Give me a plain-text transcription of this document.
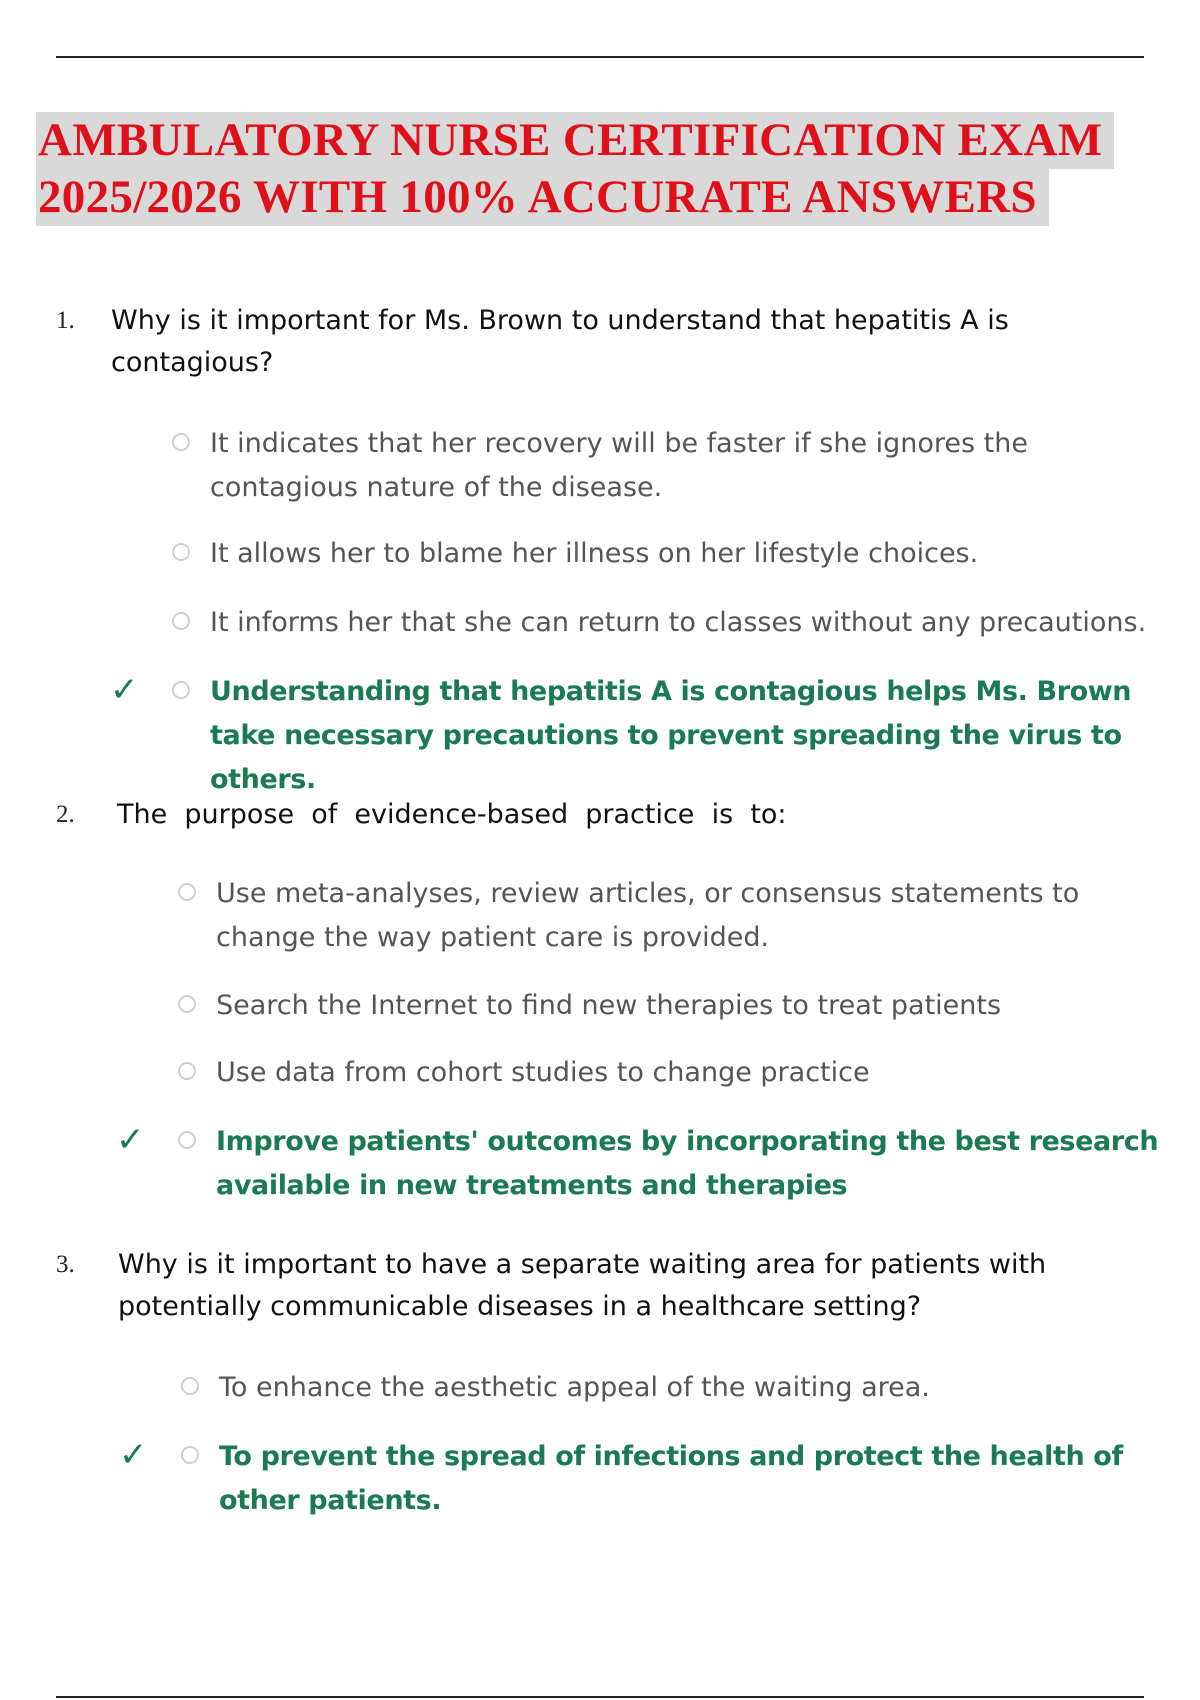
AMBULATORY NURSE CERTIFICATION EXAM
2025/2026 WITH 100% ACCURATE ANSWERS
1. Why is it important for Ms. Brown to understand that hepatitis A is contagious?
It indicates that her recovery will be faster if she ignores the contagious nature of the disease.
It allows her to blame her illness on her lifestyle choices.
It informs her that she can return to classes without any precautions.
✓	Understanding that hepatitis A is contagious helps Ms. Brown take necessary precautions to prevent spreading the virus to others.
2. The  purpose  of  evidence-based  practice  is  to:
Use meta-analyses, review articles, or consensus statements to change the way patient care is provided.
Search the Internet to find new therapies to treat patients
Use data from cohort studies to change practice
✓	Improve patients' outcomes by incorporating the best research available in new treatments and therapies
3. Why is it important to have a separate waiting area for patients with potentially communicable diseases in a healthcare setting?
To enhance the aesthetic appeal of the waiting area.
✓	To prevent the spread of infections and protect the health of other patients.
